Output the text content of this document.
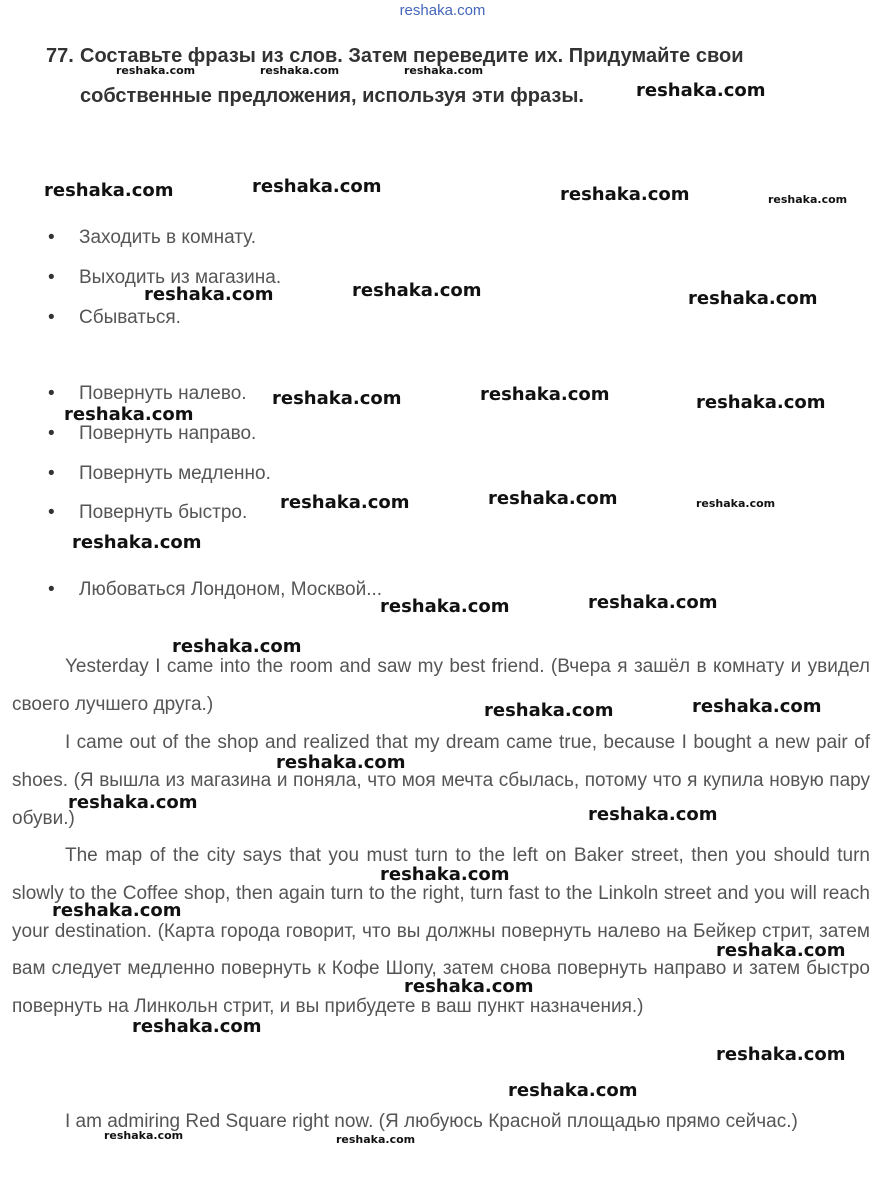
reshaka.com
77. Составьте фразы из слов. Затем переведите их. Придумайте свои
собственные предложения, используя эти фразы.
• Заходить в комнату.
• Выходить из магазина.
• Сбываться.
• Повернуть налево.
• Повернуть направо.
• Повернуть медленно.
• Повернуть быстро.
• Любоваться Лондоном, Москвой...

Yesterday I came into the room and saw my best friend. (Вчера я зашёл в комнату и увидел своего лучшего друга.)

I came out of the shop and realized that my dream came true, because I bought a new pair of shoes. (Я вышла из магазина и поняла, что моя мечта сбылась, потому что я купила новую пару обуви.)

The map of the city says that you must turn to the left on Baker street, then you should turn slowly to the Coffee shop, then again turn to the right, turn fast to the Linkoln street and you will reach your destination. (Карта города говорит, что вы должны повернуть налево на Бейкер стрит, затем вам следует медленно повернуть к Кофе Шопу, затем снова повернуть направо и затем быстро повернуть на Линкольн стрит, и вы прибудете в ваш пункт назначения.)

I am admiring Red Square right now. (Я любуюсь Красной площадью прямо сейчас.)

reshaka.com	reshaka.com	reshaka.com
reshaka.com
reshaka.com	reshaka.com	reshaka.com	reshaka.com
reshaka.com	reshaka.com	reshaka.com
reshaka.com	reshaka.com	reshaka.com
reshaka.com
reshaka.com	reshaka.com	reshaka.com
reshaka.com
reshaka.com	reshaka.com
reshaka.com
reshaka.com	reshaka.com
reshaka.com
reshaka.com
reshaka.com
reshaka.com
reshaka.com
reshaka.com
reshaka.com
reshaka.com
reshaka.com
reshaka.com
reshaka.com	reshaka.com
